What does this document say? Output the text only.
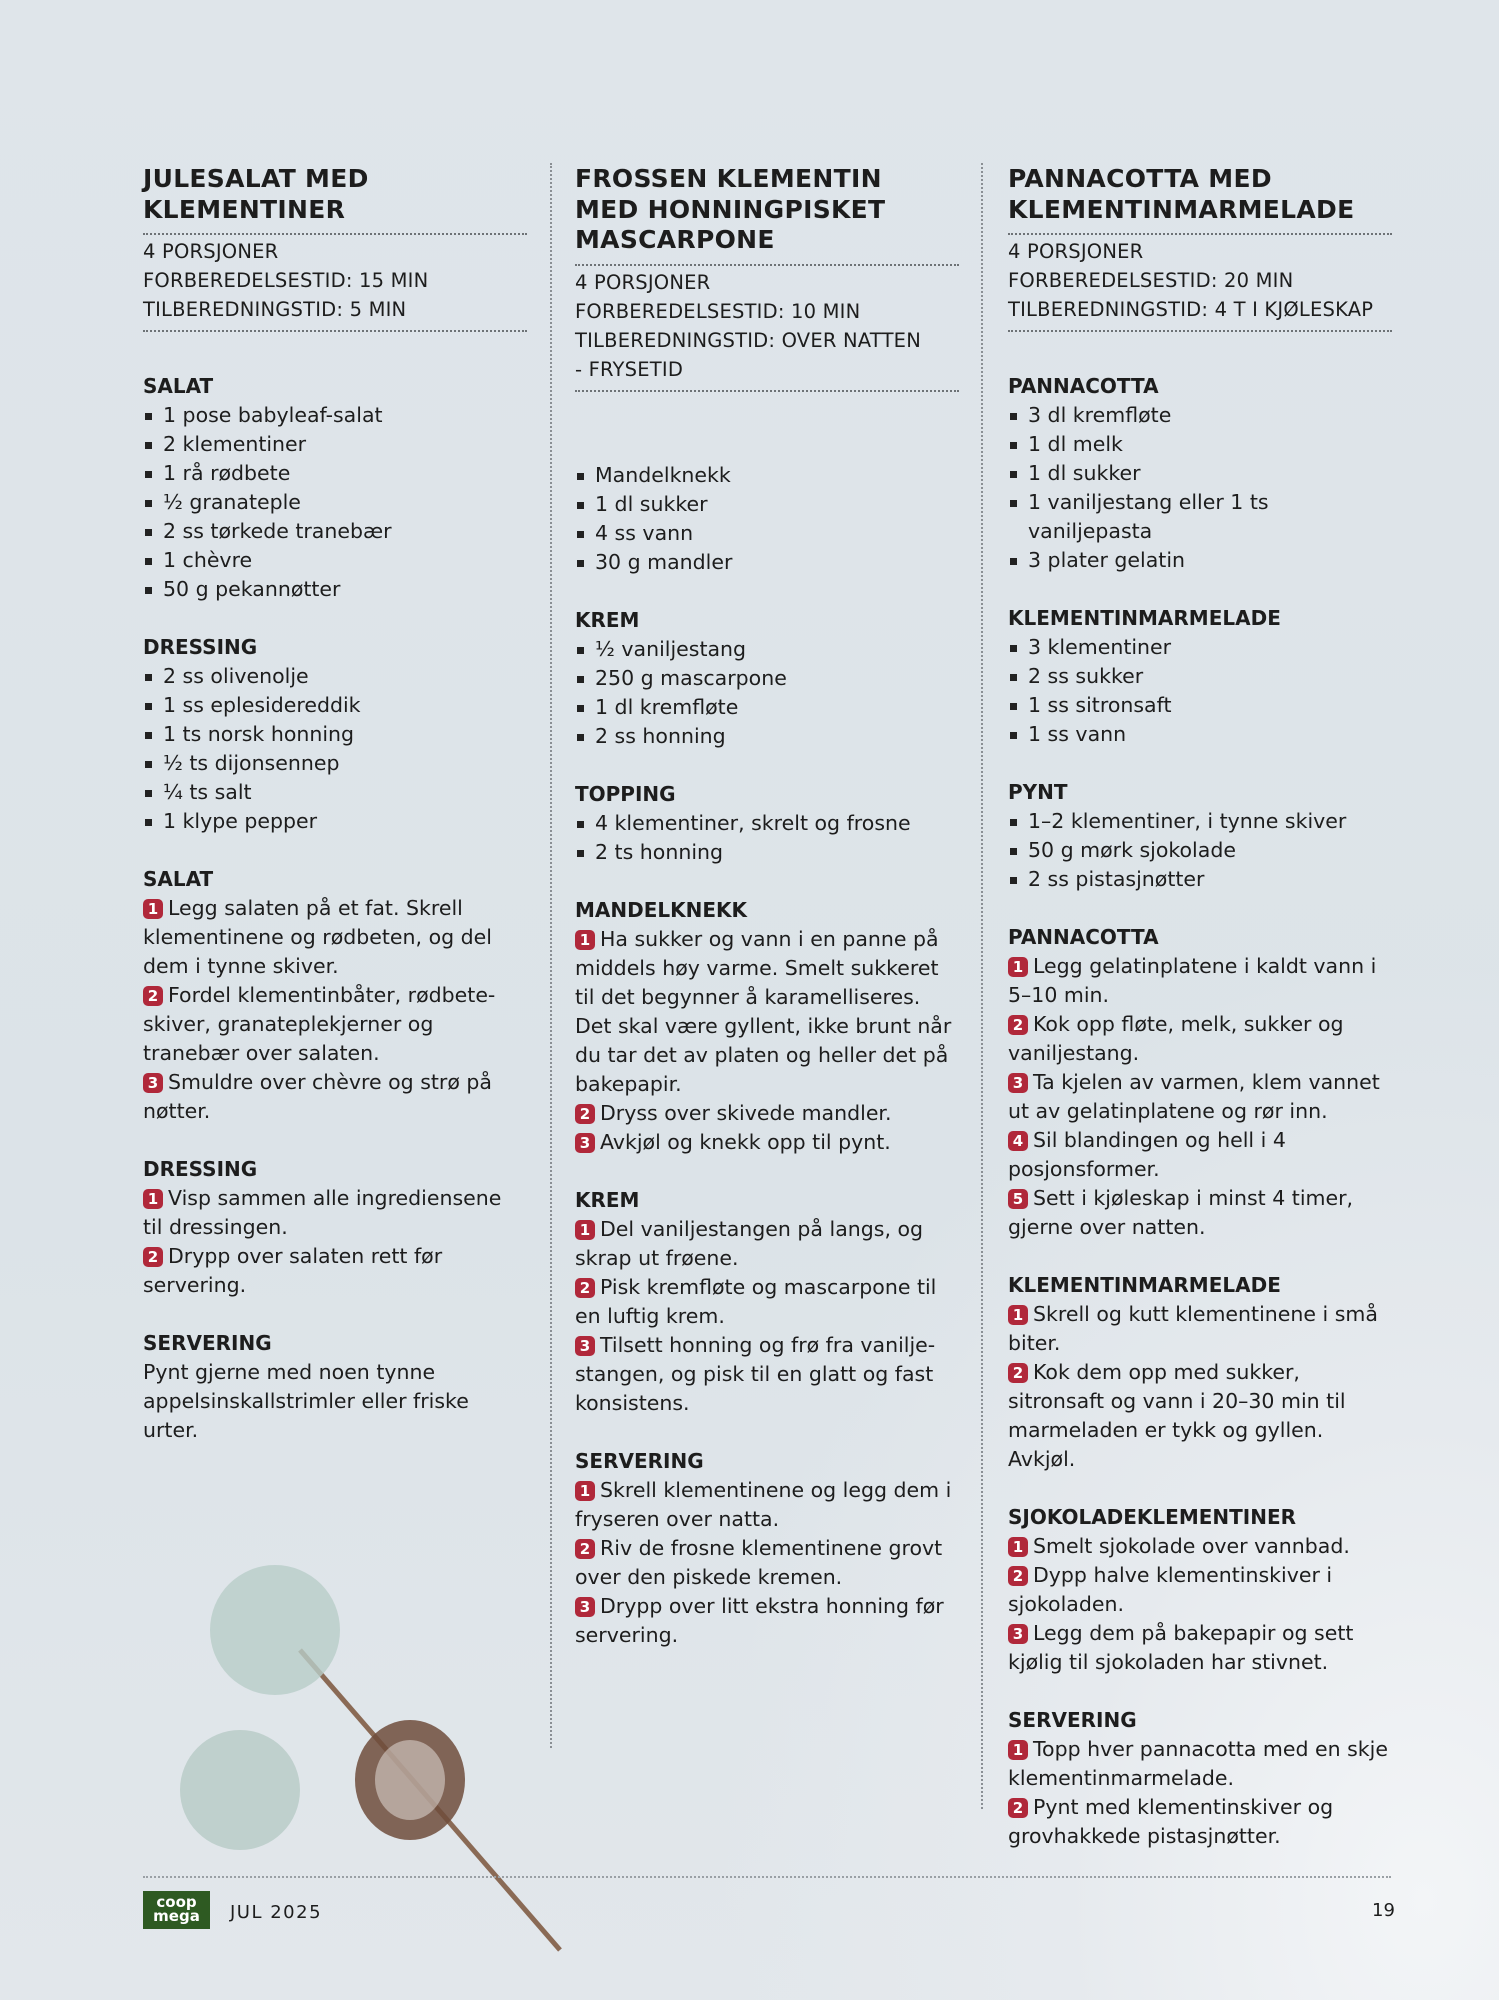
JULESALAT MED
KLEMENTINER
4 PORSJONER
FORBEREDELSESTID: 15 MIN
TILBEREDNINGSTID: 5 MIN
SALAT
1 pose babyleaf-salat
2 klementiner
1 rå rødbete
½ granateple
2 ss tørkede tranebær
1 chèvre
50 g pekannøtter
DRESSING
2 ss olivenolje
1 ss eplesidereddik
1 ts norsk honning
½ ts dijonsennep
¼ ts salt
1 klype pepper
SALAT
1 Legg salaten på et fat. Skrell klementinene og rødbeten, og del dem i tynne skiver.
2 Fordel klementinbåter, rødbete-skiver, granateplekjerner og tranebær over salaten.
3 Smuldre over chèvre og strø på nøtter.
DRESSING
1 Visp sammen alle ingrediensene til dressingen.
2 Drypp over salaten rett før servering.
SERVERING
Pynt gjerne med noen tynne appelsinskallstrimler eller friske urter.
FROSSEN KLEMENTIN
MED HONNINGPISKET
MASCARPONE
4 PORSJONER
FORBEREDELSESTID: 10 MIN
TILBEREDNINGSTID: OVER NATTEN
- FRYSETID
Mandelknekk
1 dl sukker
4 ss vann
30 g mandler
KREM
½ vaniljestang
250 g mascarpone
1 dl kremfløte
2 ss honning
TOPPING
4 klementiner, skrelt og frosne
2 ts honning
MANDELKNEKK
1 Ha sukker og vann i en panne på middels høy varme. Smelt sukkeret til det begynner å karamelliseres. Det skal være gyllent, ikke brunt når du tar det av platen og heller det på bakepapir.
2 Dryss over skivede mandler.
3 Avkjøl og knekk opp til pynt.
KREM
1 Del vaniljestangen på langs, og skrap ut frøene.
2 Pisk kremfløte og mascarpone til en luftig krem.
3 Tilsett honning og frø fra vanilje-stangen, og pisk til en glatt og fast konsistens.
SERVERING
1 Skrell klementinene og legg dem i fryseren over natta.
2 Riv de frosne klementinene grovt over den piskede kremen.
3 Drypp over litt ekstra honning før servering.
PANNACOTTA MED
KLEMENTINMARMELADE
4 PORSJONER
FORBEREDELSESTID: 20 MIN
TILBEREDNINGSTID: 4 T I KJØLESKAP
PANNACOTTA
3 dl kremfløte
1 dl melk
1 dl sukker
1 vaniljestang eller 1 ts vaniljepasta
3 plater gelatin
KLEMENTINMARMELADE
3 klementiner
2 ss sukker
1 ss sitronsaft
1 ss vann
PYNT
1–2 klementiner, i tynne skiver
50 g mørk sjokolade
2 ss pistasjnøtter
PANNACOTTA
1 Legg gelatinplatene i kaldt vann i 5–10 min.
2 Kok opp fløte, melk, sukker og vaniljestang.
3 Ta kjelen av varmen, klem vannet ut av gelatinplatene og rør inn.
4 Sil blandingen og hell i 4 posjonsformer.
5 Sett i kjøleskap i minst 4 timer, gjerne over natten.
KLEMENTINMARMELADE
1 Skrell og kutt klementinene i små biter.
2 Kok dem opp med sukker, sitronsaft og vann i 20–30 min til marmeladen er tykk og gyllen. Avkjøl.
SJOKOLADEKLEMENTINER
1 Smelt sjokolade over vannbad.
2 Dypp halve klementinskiver i sjokoladen.
3 Legg dem på bakepapir og sett kjølig til sjokoladen har stivnet.
SERVERING
1 Topp hver pannacotta med en skje klementinmarmelade.
2 Pynt med klementinskiver og grovhakkede pistasjnøtter.
coop
mega	JUL 2025	19
